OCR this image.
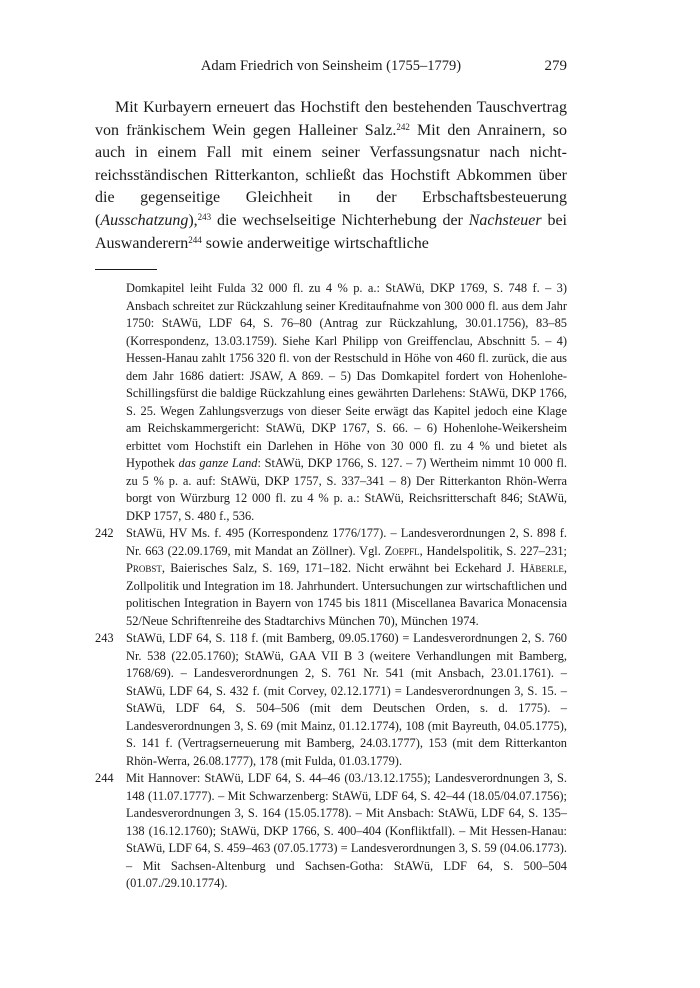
Adam Friedrich von Seinsheim (1755–1779)	279

Mit Kurbayern erneuert das Hochstift den bestehenden Tauschvertrag von fränkischem Wein gegen Halleiner Salz.$^{242}$ Mit den Anrainern, so auch in einem Fall mit einem seiner Verfassungsnatur nach nicht-reichsständischen Ritterkanton, schließt das Hochstift Abkommen über die gegenseitige Gleichheit in der Erbschaftsbesteuerung (Ausschatzung),$^{243}$ die wechselseitige Nichterhebung der Nachsteuer bei Auswanderern$^{244}$ sowie anderweitige wirtschaftliche

Domkapitel leiht Fulda 32 000 fl. zu 4 % p. a.: StAWü, DKP 1769, S. 748 f. – 3) Ansbach schreitet zur Rückzahlung seiner Kreditaufnahme von 300 000 fl. aus dem Jahr 1750: StAWü, LDF 64, S. 76–80 (Antrag zur Rückzahlung, 30.01.1756), 83–85 (Korrespondenz, 13.03.1759). Siehe Karl Philipp von Greiffenclau, Abschnitt 5. – 4) Hessen-Hanau zahlt 1756 320 fl. von der Restschuld in Höhe von 460 fl. zurück, die aus dem Jahr 1686 datiert: JSAW, A 869. – 5) Das Domkapitel fordert von Hohenlohe-Schillingsfürst die baldige Rückzahlung eines gewährten Darlehens: StAWü, DKP 1766, S. 25. Wegen Zahlungsverzugs von dieser Seite erwägt das Kapitel jedoch eine Klage am Reichskammergericht: StAWü, DKP 1767, S. 66. – 6) Hohenlohe-Weikersheim erbittet vom Hochstift ein Darlehen in Höhe von 30 000 fl. zu 4 % und bietet als Hypothek das ganze Land: StAWü, DKP 1766, S. 127. – 7) Wertheim nimmt 10 000 fl. zu 5 % p. a. auf: StAWü, DKP 1757, S. 337–341 – 8) Der Ritterkanton Rhön-Werra borgt von Würzburg 12 000 fl. zu 4 % p. a.: StAWü, Reichsritterschaft 846; StAWü, DKP 1757, S. 480 f., 536.

242 StAWü, HV Ms. f. 495 (Korrespondenz 1776/177). – Landesverordnungen 2, S. 898 f. Nr. 663 (22.09.1769, mit Mandat an Zöllner). Vgl. Zoepfl, Handelspolitik, S. 227–231; Probst, Baierisches Salz, S. 169, 171–182. Nicht erwähnt bei Eckehard J. Häberle, Zollpolitik und Integration im 18. Jahrhundert. Untersuchungen zur wirtschaftlichen und politischen Integration in Bayern von 1745 bis 1811 (Miscellanea Bavarica Monacensia 52/Neue Schriftenreihe des Stadtarchivs München 70), München 1974.

243 StAWü, LDF 64, S. 118 f. (mit Bamberg, 09.05.1760) = Landesverordnungen 2, S. 760 Nr. 538 (22.05.1760); StAWü, GAA VII B 3 (weitere Verhandlungen mit Bamberg, 1768/69). – Landesverordnungen 2, S. 761 Nr. 541 (mit Ansbach, 23.01.1761). – StAWü, LDF 64, S. 432 f. (mit Corvey, 02.12.1771) = Landesverordnungen 3, S. 15. – StAWü, LDF 64, S. 504–506 (mit dem Deutschen Orden, s. d. 1775). – Landesverordnungen 3, S. 69 (mit Mainz, 01.12.1774), 108 (mit Bayreuth, 04.05.1775), S. 141 f. (Vertragserneuerung mit Bamberg, 24.03.1777), 153 (mit dem Ritterkanton Rhön-Werra, 26.08.1777), 178 (mit Fulda, 01.03.1779).

244 Mit Hannover: StAWü, LDF 64, S. 44–46 (03./13.12.1755); Landesverordnungen 3, S. 148 (11.07.1777). – Mit Schwarzenberg: StAWü, LDF 64, S. 42–44 (18.05/04.07.1756); Landesverordnungen 3, S. 164 (15.05.1778). – Mit Ansbach: StAWü, LDF 64, S. 135–138 (16.12.1760); StAWü, DKP 1766, S. 400–404 (Konfliktfall). – Mit Hessen-Hanau: StAWü, LDF 64, S. 459–463 (07.05.1773) = Landesverordnungen 3, S. 59 (04.06.1773). – Mit Sachsen-Altenburg und Sachsen-Gotha: StAWü, LDF 64, S. 500–504 (01.07./29.10.1774).
